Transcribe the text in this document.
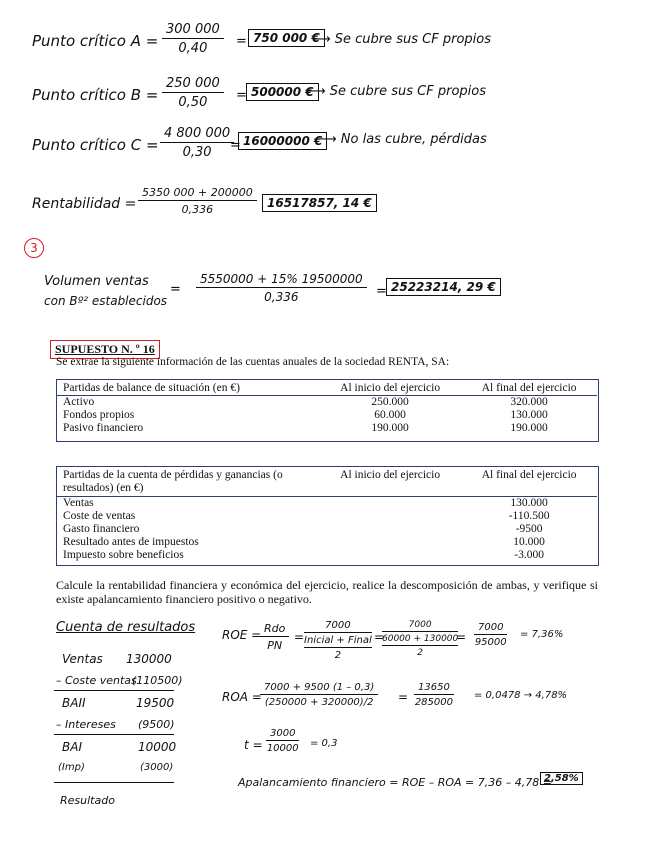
Punto crítico $A = \frac{300 000}{0,40} = 750$ 000 €
⟶ Se cubre sus CF propios
Punto crítico $B = \frac{250 000}{0,50} = 500000$ €
⟶ Se cubre sus CF propios
Punto crítico $C = \frac{4 800 000}{0,30}$
= 16000000 €
⟶ No las cubre, pérdidas
Rentabilidad = $\frac{5350 000 + 200000}{0,336} 16517857$, 14 €
3
Volumen ventas
con Bº² establecidos
= $\frac{5550000 + 15\% 19500000}{0,336} = 25223214$, 29 €
SUPUESTO N. º 16
Se extrae la siguiente información de las cuentas anuales de la sociedad RENTA, SA:
Partidas de balance de situación (en €)	Al inicio del ejercicio	Al final del ejercicio
Activo	250.000	320.000
Fondos propios	60.000	130.000
Pasivo financiero	190.000	190.000
Partidas de la cuenta de pérdidas y ganancias (o resultados) (en €)	Al inicio del ejercicio	Al final del ejercicio
Ventas		130.000
Coste de ventas		-110.500
Gasto financiero		-9500
Resultado antes de impuestos		10.000
Impuesto sobre beneficios		-3.000
Calcule la rentabilidad financiera y económica del ejercicio, realice la descomposición de ambas, y verifique si existe apalancamiento financiero positivo o negativo.
Cuenta de resultados
Ventas 130000
– Coste ventas
(110500)
BAII	19500
– Intereses (9500)
BAI	10000
(Imp)	(3000)
Resultado
ROE = Rdo
PN
=
7000
Inicial + Final
2
=
7000
60000 + 130000
2
= $\frac{7000}{95000} = 7,36\%$
ROA =
$\frac{7000 + 9500 (1 - 0,3)}{(250000 + 320000)/2} = \frac{13650}{285000} = 0,0478 \to 4,78\%$
$t = \frac{3000}{10000} = 0,3$
Apalancamiento financiero = ROE – ROA = 7,36 – 4,78 =
2,58%
